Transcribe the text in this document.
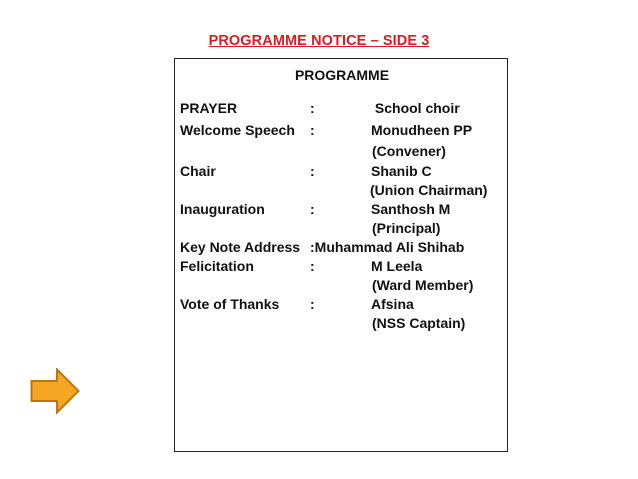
PROGRAMME NOTICE – SIDE 3
PROGRAMME
PRAYER	:	School choir
Welcome Speech :	Monudheen PP
(Convener)
Chair	:	Shanib C
(Union Chairman)
Inauguration	:	Santhosh M
(Principal)
Key Note Address :Muhammad Ali Shihab
Felicitation	:	M Leela
(Ward Member)
Vote of Thanks :	Afsina
(NSS Captain)
